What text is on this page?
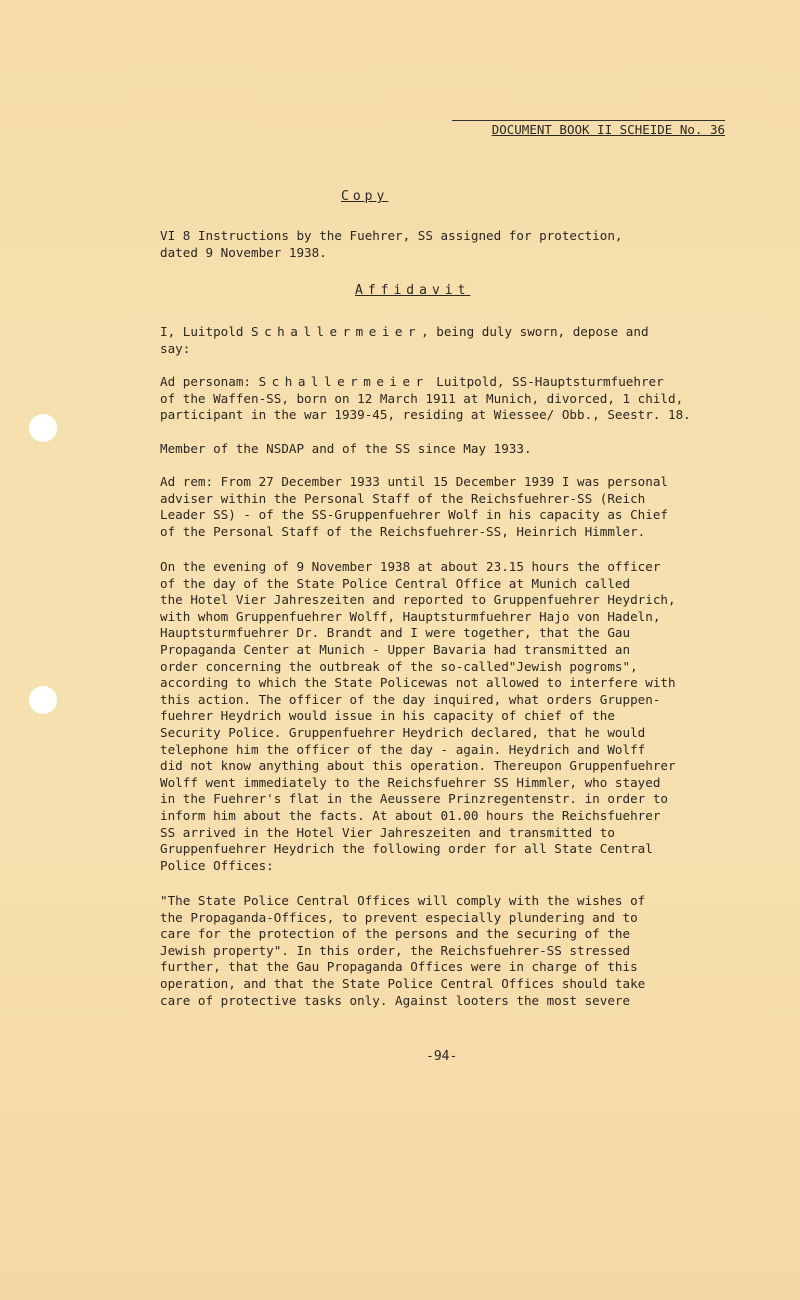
DOCUMENT BOOK II SCHEIDE No. 36
Copy
VI 8 Instructions by the Fuehrer, SS assigned for protection,
dated 9 November 1938.
Affidavit
I, Luitpold Schallermeier, being duly sworn, depose and
say:
Ad personam: Schallermeier Luitpold, SS-Hauptsturmfuehrer
of the Waffen-SS, born on 12 March 1911 at Munich, divorced, 1 child,
participant in the war 1939-45, residing at Wiessee/ Obb., Seestr. 18.
Member of the NSDAP and of the SS since May 1933.
Ad rem: From 27 December 1933 until 15 December 1939 I was personal
adviser within the Personal Staff of the Reichsfuehrer-SS (Reich
Leader SS) - of the SS-Gruppenfuehrer Wolf in his capacity as Chief
of the Personal Staff of the Reichsfuehrer-SS, Heinrich Himmler.
On the evening of 9 November 1938 at about 23.15 hours the officer
of the day of the State Police Central Office at Munich called
the Hotel Vier Jahreszeiten and reported to Gruppenfuehrer Heydrich,
with whom Gruppenfuehrer Wolff, Hauptsturmfuehrer Hajo von Hadeln,
Hauptsturmfuehrer Dr. Brandt and I were together, that the Gau
Propaganda Center at Munich - Upper Bavaria had transmitted an
order concerning the outbreak of the so-called"Jewish pogroms",
according to which the State Policewas not allowed to interfere with
this action. The officer of the day inquired, what orders Gruppen-
fuehrer Heydrich would issue in his capacity of chief of the
Security Police. Gruppenfuehrer Heydrich declared, that he would
telephone him the officer of the day - again. Heydrich and Wolff
did not know anything about this operation. Thereupon Gruppenfuehrer
Wolff went immediately to the Reichsfuehrer SS Himmler, who stayed
in the Fuehrer's flat in the Aeussere Prinzregentenstr. in order to
inform him about the facts. At about 01.00 hours the Reichsfuehrer
SS arrived in the Hotel Vier Jahreszeiten and transmitted to
Gruppenfuehrer Heydrich the following order for all State Central
Police Offices:
"The State Police Central Offices will comply with the wishes of
the Propaganda-Offices, to prevent especially plundering and to
care for the protection of the persons and the securing of the
Jewish property". In this order, the Reichsfuehrer-SS stressed
further, that the Gau Propaganda Offices were in charge of this
operation, and that the State Police Central Offices should take
care of protective tasks only. Against looters the most severe
-94-
